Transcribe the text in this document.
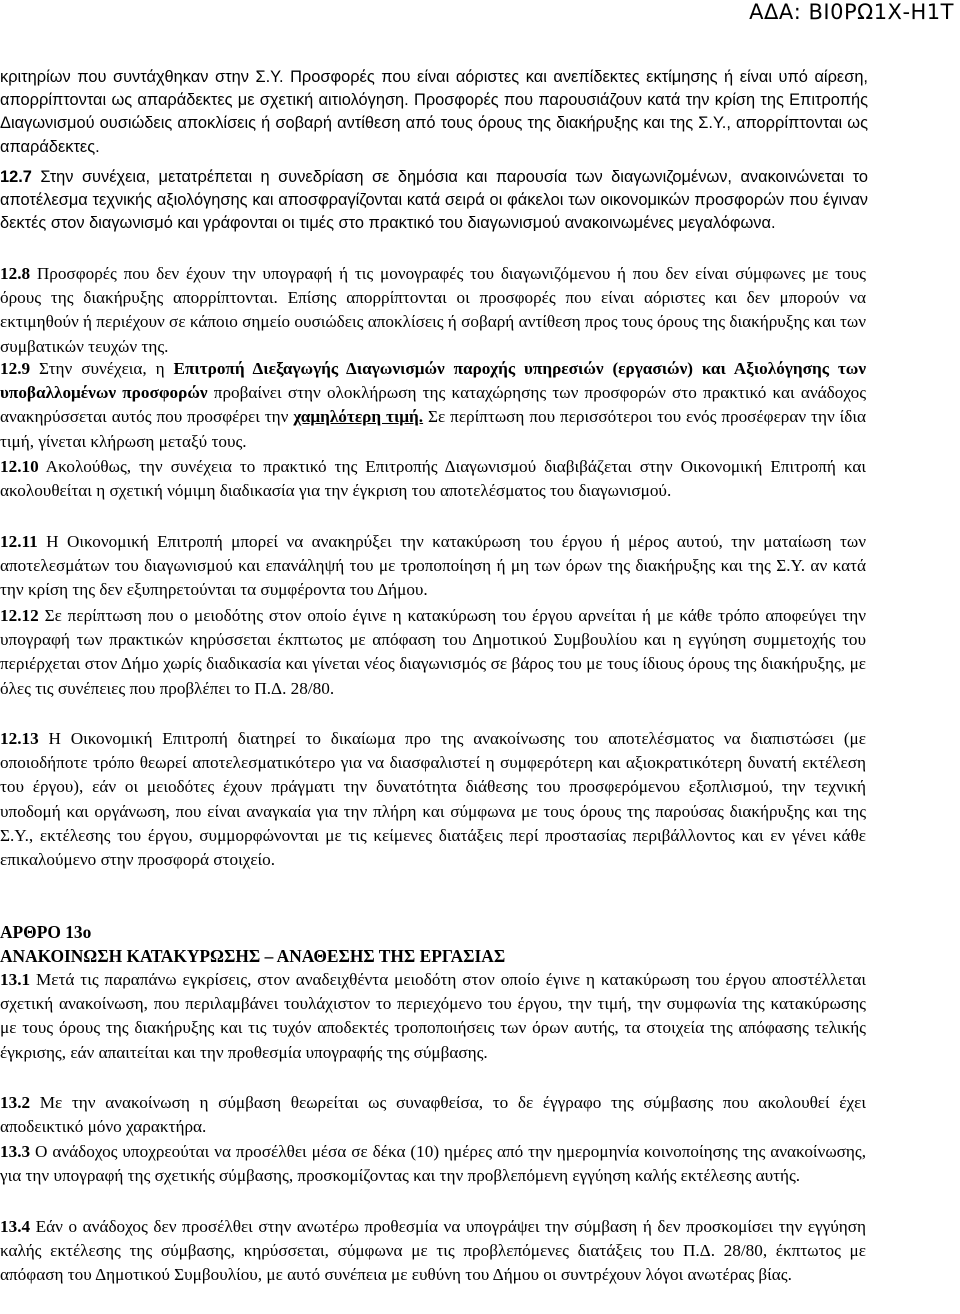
ΑΔΑ: ΒΙ0ΡΩ1Χ-Η1Τ

κριτηρίων που συντάχθηκαν στην Σ.Υ. Προσφορές που είναι αόριστες και ανεπίδεκτες εκτίμησης ή είναι υπό αίρεση, απορρίπτονται ως απαράδεκτες με σχετική αιτιολόγηση. Προσφορές που παρουσιάζουν κατά την κρίση της Επιτροπής Διαγωνισμού ουσιώδεις αποκλίσεις ή σοβαρή αντίθεση από τους όρους της διακήρυξης και της Σ.Υ., απορρίπτονται ως απαράδεκτες.

12.7 Στην συνέχεια, μετατρέπεται η συνεδρίαση σε δημόσια και παρουσία των διαγωνιζομένων, ανακοινώνεται το αποτέλεσμα τεχνικής αξιολόγησης και αποσφραγίζονται κατά σειρά οι φάκελοι των οικονομικών προσφορών που έγιναν δεκτές στον διαγωνισμό και γράφονται οι τιμές στο πρακτικό του διαγωνισμού ανακοινωμένες μεγαλόφωνα.

12.8 Προσφορές που δεν έχουν την υπογραφή ή τις μονογραφές του διαγωνιζόμενου ή που δεν είναι σύμφωνες με τους όρους της διακήρυξης απορρίπτονται. Επίσης απορρίπτονται οι προσφορές που είναι αόριστες και δεν μπορούν να εκτιμηθούν ή περιέχουν σε κάποιο σημείο ουσιώδεις αποκλίσεις ή σοβαρή αντίθεση προς τους όρους της διακήρυξης και των συμβατικών τευχών της.

12.9 Στην συνέχεια, η Επιτροπή Διεξαγωγής Διαγωνισμών παροχής υπηρεσιών (εργασιών) και Αξιολόγησης των υποβαλλομένων προσφορών προβαίνει στην ολοκλήρωση της καταχώρησης των προσφορών στο πρακτικό και ανάδοχος ανακηρύσσεται αυτός που προσφέρει την χαμηλότερη τιμή. Σε περίπτωση που περισσότεροι του ενός προσέφεραν την ίδια τιμή, γίνεται κλήρωση μεταξύ τους.

12.10 Ακολούθως, την συνέχεια το πρακτικό της Επιτροπής Διαγωνισμού διαβιβάζεται στην Οικονομική Επιτροπή και ακολουθείται η σχετική νόμιμη διαδικασία για την έγκριση του αποτελέσματος του διαγωνισμού.

12.11 Η Οικονομική Επιτροπή μπορεί να ανακηρύξει την κατακύρωση του έργου ή μέρος αυτού, την ματαίωση των αποτελεσμάτων του διαγωνισμού και επανάληψή του με τροποποίηση ή μη των όρων της διακήρυξης και της Σ.Υ. αν κατά την κρίση της δεν εξυπηρετούνται τα συμφέροντα του Δήμου.

12.12 Σε περίπτωση που ο μειοδότης στον οποίο έγινε η κατακύρωση του έργου αρνείται ή με κάθε τρόπο αποφεύγει την υπογραφή των πρακτικών κηρύσσεται έκπτωτος με απόφαση του Δημοτικού Συμβουλίου και η εγγύηση συμμετοχής του περιέρχεται στον Δήμο χωρίς διαδικασία και γίνεται νέος διαγωνισμός σε βάρος του με τους ίδιους όρους της διακήρυξης, με όλες τις συνέπειες που προβλέπει το Π.Δ. 28/80.

12.13 Η Οικονομική Επιτροπή διατηρεί το δικαίωμα προ της ανακοίνωσης του αποτελέσματος να διαπιστώσει (με οποιοδήποτε τρόπο θεωρεί αποτελεσματικότερο για να διασφαλιστεί η συμφερότερη και αξιοκρατικότερη δυνατή εκτέλεση του έργου), εάν οι μειοδότες έχουν πράγματι την δυνατότητα διάθεσης του προσφερόμενου εξοπλισμού, την τεχνική υποδομή και οργάνωση, που είναι αναγκαία για την πλήρη και σύμφωνα με τους όρους της παρούσας διακήρυξης και της Σ.Υ., εκτέλεσης του έργου, συμμορφώνονται με τις κείμενες διατάξεις περί προστασίας περιβάλλοντος και εν γένει κάθε επικαλούμενο στην προσφορά στοιχείο.

ΑΡΘΡΟ 13ο
ΑΝΑΚΟΙΝΩΣΗ ΚΑΤΑΚΥΡΩΣΗΣ – ΑΝΑΘΕΣΗΣ ΤΗΣ ΕΡΓΑΣΙΑΣ

13.1 Μετά τις παραπάνω εγκρίσεις, στον αναδειχθέντα μειοδότη στον οποίο έγινε η κατακύρωση του έργου αποστέλλεται σχετική ανακοίνωση, που περιλαμβάνει τουλάχιστον το περιεχόμενο του έργου, την τιμή, την συμφωνία της κατακύρωσης με τους όρους της διακήρυξης και τις τυχόν αποδεκτές τροποποιήσεις των όρων αυτής, τα στοιχεία της απόφασης τελικής έγκρισης, εάν απαιτείται και την προθεσμία υπογραφής της σύμβασης.

13.2 Με την ανακοίνωση η σύμβαση θεωρείται ως συναφθείσα, το δε έγγραφο της σύμβασης που ακολουθεί έχει αποδεικτικό μόνο χαρακτήρα.

13.3 Ο ανάδοχος υποχρεούται να προσέλθει μέσα σε δέκα (10) ημέρες από την ημερομηνία κοινοποίησης της ανακοίνωσης, για την υπογραφή της σχετικής σύμβασης, προσκομίζοντας και την προβλεπόμενη εγγύηση καλής εκτέλεσης αυτής.

13.4 Εάν ο ανάδοχος δεν προσέλθει στην ανωτέρω προθεσμία να υπογράψει την σύμβαση ή δεν προσκομίσει την εγγύηση καλής εκτέλεσης της σύμβασης, κηρύσσεται, σύμφωνα με τις προβλεπόμενες διατάξεις του Π.Δ. 28/80, έκπτωτος με απόφαση του Δημοτικού Συμβουλίου, με αυτό συνέπεια με ευθύνη του Δήμου οι συντρέχουν λόγοι ανωτέρας βίας.
